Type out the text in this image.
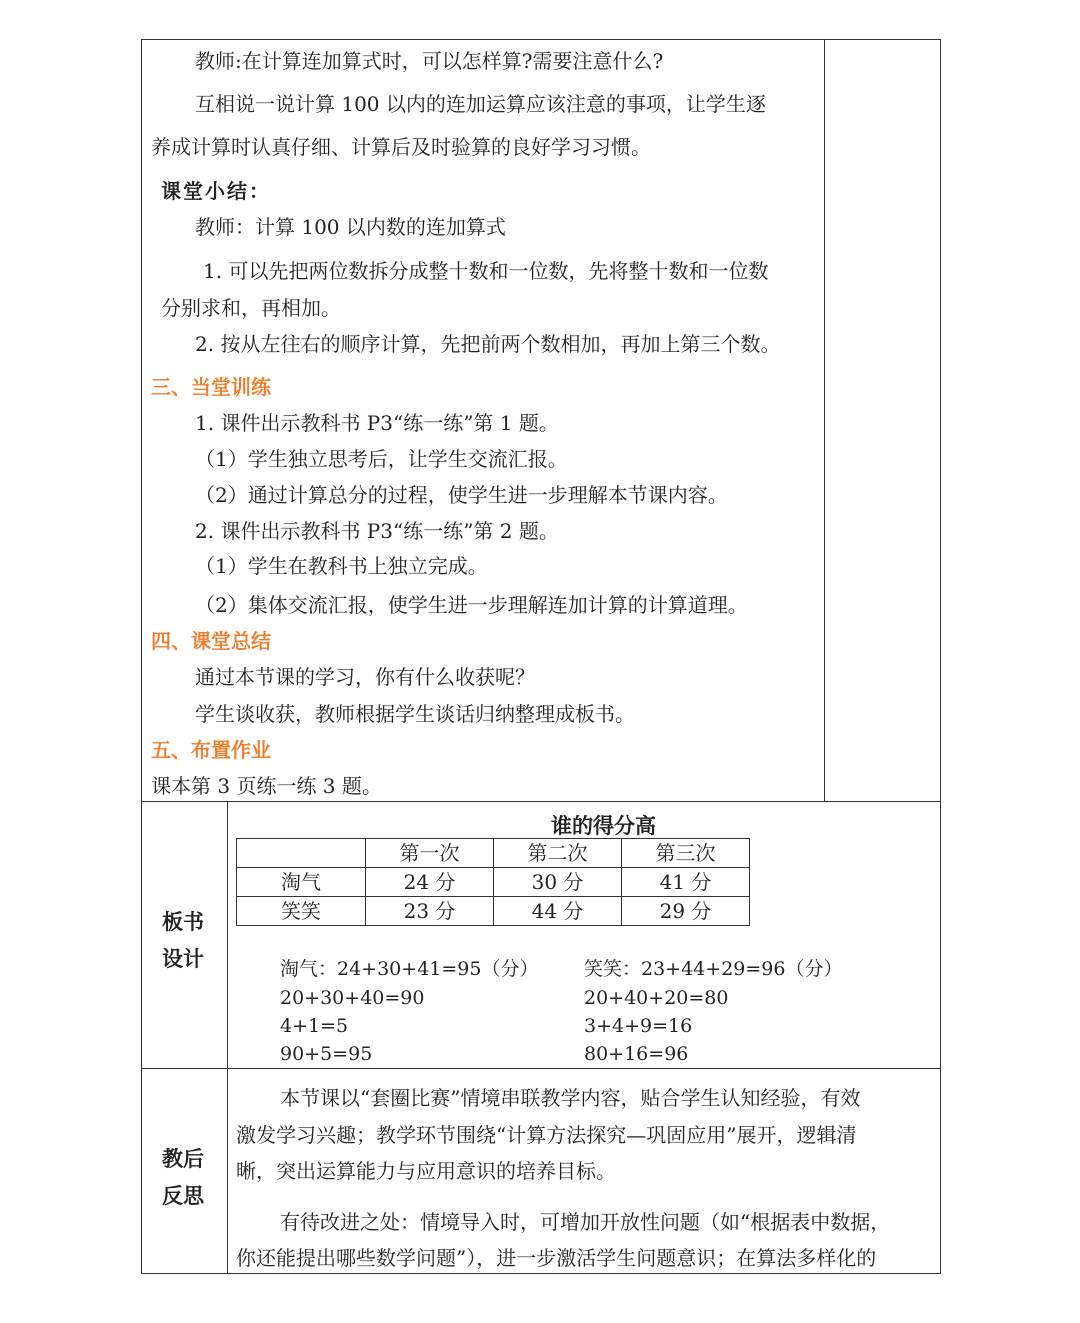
教师:在计算连加算式时，可以怎样算?需要注意什么?
互相说一说计算 100 以内的连加运算应该注意的事项，让学生逐
养成计算时认真仔细、计算后及时验算的良好学习习惯。
课堂小结：
教师：计算 100 以内数的连加算式
1. 可以先把两位数拆分成整十数和一位数，先将整十数和一位数
分别求和，再相加。
2. 按从左往右的顺序计算，先把前两个数相加，再加上第三个数。
三、当堂训练
1. 课件出示教科书 P3“练一练”第 1 题。
（1）学生独立思考后，让学生交流汇报。
（2）通过计算总分的过程，使学生进一步理解本节课内容。
2. 课件出示教科书 P3“练一练”第 2 题。
（1）学生在教科书上独立完成。
（2）集体交流汇报，使学生进一步理解连加计算的计算道理。
四、课堂总结
通过本节课的学习，你有什么收获呢？
学生谈收获，教师根据学生谈话归纳整理成板书。
五、布置作业
课本第 3 页练一练 3 题。
板书
设计
谁的得分高
	第一次	第二次	第三次
淘气	24 分	30 分	41 分
笑笑	23 分	44 分	29 分
淘气：24+30+41=95（分）
20+30+40=90
4+1=5
90+5=95
笑笑：23+44+29=96（分）
20+40+20=80
3+4+9=16
80+16=96
教后
反思
本节课以“套圈比赛”情境串联教学内容，贴合学生认知经验，有效
激发学习兴趣；教学环节围绕“计算方法探究—巩固应用”展开，逻辑清
晰，突出运算能力与应用意识的培养目标。
有待改进之处：情境导入时，可增加开放性问题（如“根据表中数据，
你还能提出哪些数学问题”），进一步激活学生问题意识；在算法多样化的
